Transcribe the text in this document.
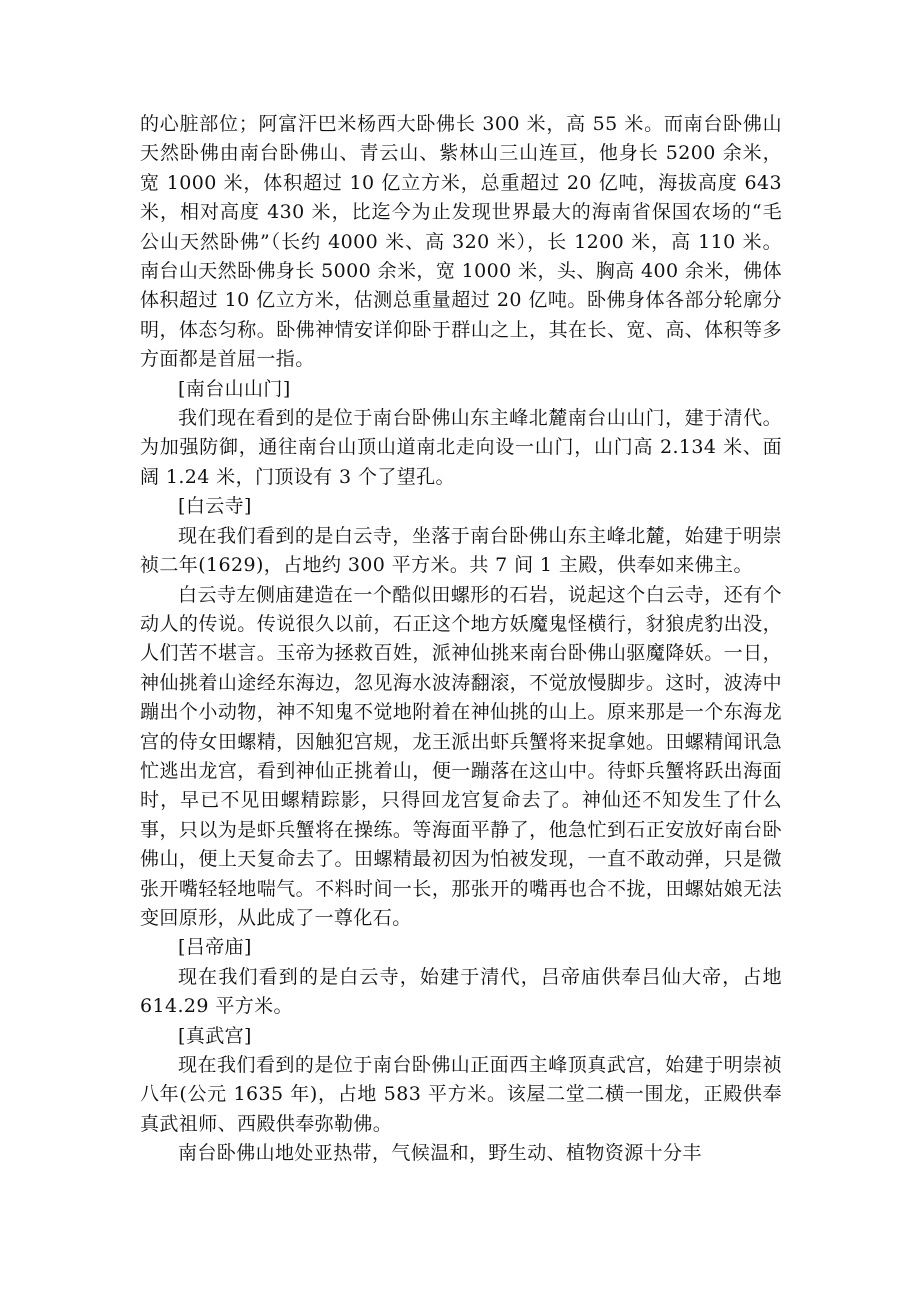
的心脏部位；阿富汗巴米杨西大卧佛长 300 米，高 55 米。而南台卧佛山天然卧佛由南台卧佛山、青云山、紫林山三山连亘，他身长 5200 余米，宽 1000 米，体积超过 10 亿立方米，总重超过 20 亿吨，海拔高度 643 米，相对高度 430 米，比迄今为止发现世界最大的海南省保国农场的“毛公山天然卧佛”（长约 4000 米、高 320 米），长 1200 米，高 110 米。南台山天然卧佛身长 5000 余米，宽 1000 米，头、胸高 400 余米，佛体体积超过 10 亿立方米，估测总重量超过 20 亿吨。卧佛身体各部分轮廓分明，体态匀称。卧佛神情安详仰卧于群山之上，其在长、宽、高、体积等多方面都是首屈一指。

[南台山山门]

我们现在看到的是位于南台卧佛山东主峰北麓南台山山门，建于清代。为加强防御，通往南台山顶山道南北走向设一山门，山门高 2.134 米、面阔 1.24 米，门顶设有 3 个了望孔。

[白云寺]

现在我们看到的是白云寺，坐落于南台卧佛山东主峰北麓，始建于明崇祯二年(1629)，占地约 300 平方米。共 7 间 1 主殿，供奉如来佛主。

白云寺左侧庙建造在一个酷似田螺形的石岩，说起这个白云寺，还有个动人的传说。传说很久以前，石正这个地方妖魔鬼怪横行，豺狼虎豹出没，人们苦不堪言。玉帝为拯救百姓，派神仙挑来南台卧佛山驱魔降妖。一日，神仙挑着山途经东海边，忽见海水波涛翻滚，不觉放慢脚步。这时，波涛中蹦出个小动物，神不知鬼不觉地附着在神仙挑的山上。原来那是一个东海龙宫的侍女田螺精，因触犯宫规，龙王派出虾兵蟹将来捉拿她。田螺精闻讯急忙逃出龙宫，看到神仙正挑着山，便一蹦落在这山中。待虾兵蟹将跃出海面时，早已不见田螺精踪影，只得回龙宫复命去了。神仙还不知发生了什么事，只以为是虾兵蟹将在操练。等海面平静了，他急忙到石正安放好南台卧佛山，便上天复命去了。田螺精最初因为怕被发现，一直不敢动弹，只是微张开嘴轻轻地喘气。不料时间一长，那张开的嘴再也合不拢，田螺姑娘无法变回原形，从此成了一尊化石。

[吕帝庙]

现在我们看到的是白云寺，始建于清代，吕帝庙供奉吕仙大帝，占地 614.29 平方米。

[真武宫]

现在我们看到的是位于南台卧佛山正面西主峰顶真武宫，始建于明崇祯八年(公元 1635 年)，占地 583 平方米。该屋二堂二横一围龙，正殿供奉真武祖师、西殿供奉弥勒佛。

南台卧佛山地处亚热带，气候温和，野生动、植物资源十分丰
